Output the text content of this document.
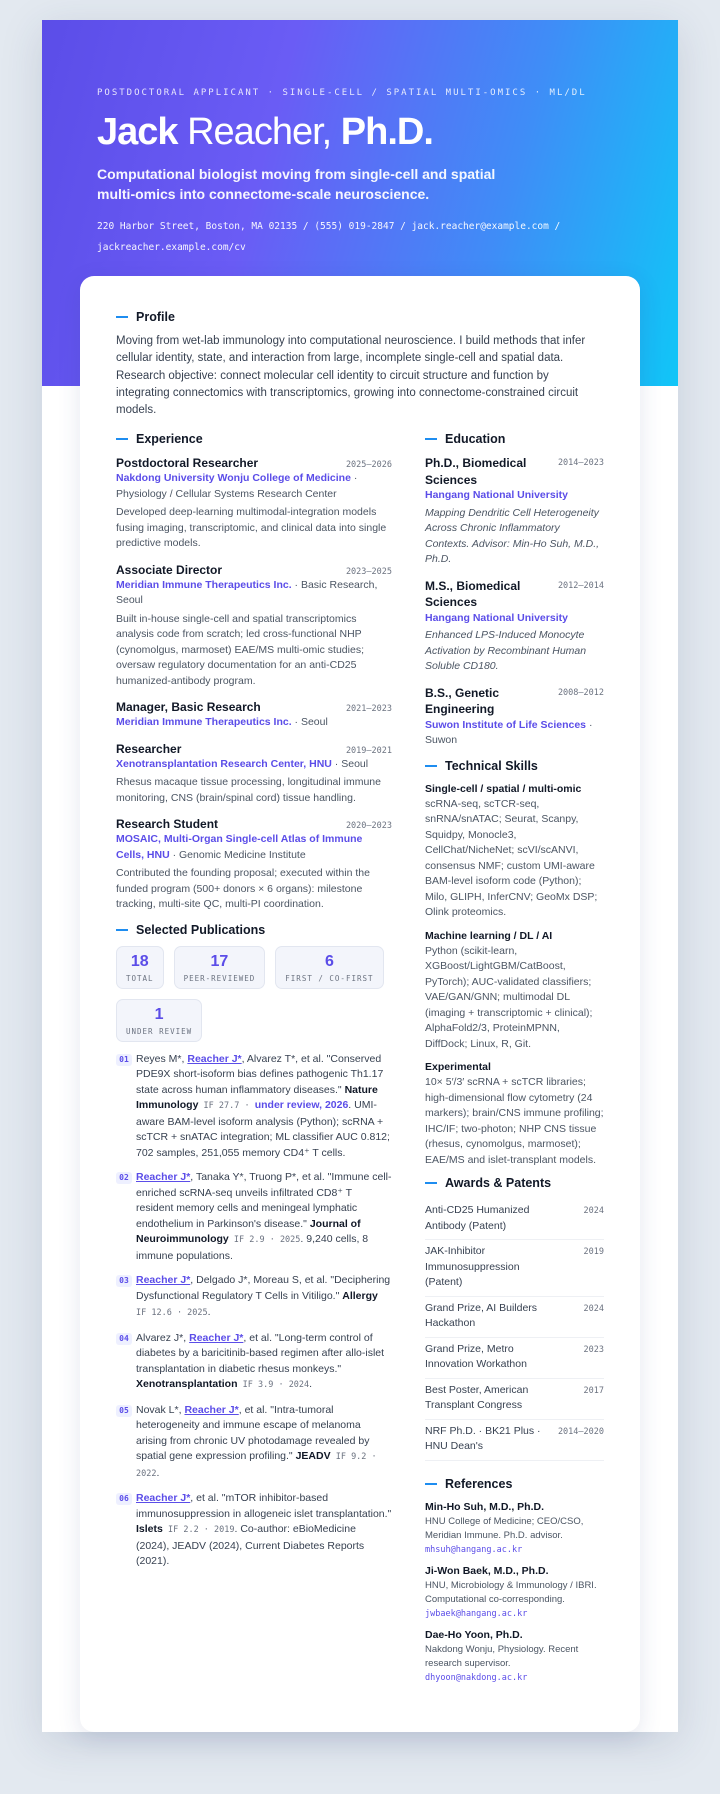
POSTDOCTORAL APPLICANT · SINGLE-CELL / SPATIAL MULTI-OMICS · ML/DL
Jack Reacher, Ph.D.
Computational biologist moving from single-cell and spatial multi-omics into connectome-scale neuroscience.
220 Harbor Street, Boston, MA 02135 / (555) 019-2847 / jack.reacher@example.com /
jackreacher.example.com/cv
Profile
Moving from wet-lab immunology into computational neuroscience. I build methods that infer cellular identity, state, and interaction from large, incomplete single-cell and spatial data. Research objective: connect molecular cell identity to circuit structure and function by integrating connectomics with transcriptomics, growing into connectome-constrained circuit models.
Experience
Postdoctoral Researcher	2025–2026
Nakdong University Wonju College of Medicine · Physiology / Cellular Systems Research Center
Developed deep-learning multimodal-integration models fusing imaging, transcriptomic, and clinical data into single predictive models.
Associate Director	2023–2025
Meridian Immune Therapeutics Inc. · Basic Research, Seoul
Built in-house single-cell and spatial transcriptomics analysis code from scratch; led cross-functional NHP (cynomolgus, marmoset) EAE/MS multi-omic studies; oversaw regulatory documentation for an anti-CD25 humanized-antibody program.
Manager, Basic Research	2021–2023
Meridian Immune Therapeutics Inc. · Seoul
Researcher	2019–2021
Xenotransplantation Research Center, HNU · Seoul
Rhesus macaque tissue processing, longitudinal immune monitoring, CNS (brain/spinal cord) tissue handling.
Research Student	2020–2023
MOSAIC, Multi-Organ Single-cell Atlas of Immune Cells, HNU · Genomic Medicine Institute
Contributed the founding proposal; executed within the funded program (500+ donors × 6 organs): milestone tracking, multi-site QC, multi-PI coordination.
Selected Publications
18
TOTAL
17
PEER-REVIEWED
6
FIRST / CO-FIRST
1
UNDER REVIEW
01 Reyes M*, Reacher J*, Alvarez T*, et al. "Conserved PDE9X short-isoform bias defines pathogenic Th1.17 state across human inflammatory diseases." Nature Immunology IF 27.7 · under review, 2026. UMI-aware BAM-level isoform analysis (Python); scRNA + scTCR + snATAC integration; ML classifier AUC 0.812; 702 samples, 251,055 memory CD4⁺ T cells.
02 Reacher J*, Tanaka Y*, Truong P*, et al. "Immune cell-enriched scRNA-seq unveils infiltrated CD8⁺ T resident memory cells and meningeal lymphatic endothelium in Parkinson's disease." Journal of Neuroimmunology IF 2.9 · 2025. 9,240 cells, 8 immune populations.
03 Reacher J*, Delgado J*, Moreau S, et al. "Deciphering Dysfunctional Regulatory T Cells in Vitiligo." Allergy IF 12.6 · 2025.
04 Alvarez J*, Reacher J*, et al. "Long-term control of diabetes by a baricitinib-based regimen after allo-islet transplantation in diabetic rhesus monkeys." Xenotransplantation IF 3.9 · 2024.
05 Novak L*, Reacher J*, et al. "Intra-tumoral heterogeneity and immune escape of melanoma arising from chronic UV photodamage revealed by spatial gene expression profiling." JEADV IF 9.2 · 2022.
06 Reacher J*, et al. "mTOR inhibitor-based immunosuppression in allogeneic islet transplantation." Islets IF 2.2 · 2019. Co-author: eBioMedicine (2024), JEADV (2024), Current Diabetes Reports (2021).
Education
Ph.D., Biomedical Sciences
2014–2023
Hangang National University
Mapping Dendritic Cell Heterogeneity Across Chronic Inflammatory Contexts. Advisor: Min-Ho Suh, M.D., Ph.D.
M.S., Biomedical Sciences
2012–2014
Hangang National University
Enhanced LPS-Induced Monocyte Activation by Recombinant Human Soluble CD180.
B.S., Genetic Engineering
2008–2012
Suwon Institute of Life Sciences · Suwon
Technical Skills
Single-cell / spatial / multi-omic
scRNA-seq, scTCR-seq, snRNA/snATAC; Seurat, Scanpy, Squidpy, Monocle3, CellChat/NicheNet; scVI/scANVI, consensus NMF; custom UMI-aware BAM-level isoform code (Python); Milo, GLIPH, InferCNV; GeoMx DSP; Olink proteomics.
Machine learning / DL / AI
Python (scikit-learn, XGBoost/LightGBM/CatBoost, PyTorch); AUC-validated classifiers; VAE/GAN/GNN; multimodal DL (imaging + transcriptomic + clinical); AlphaFold2/3, ProteinMPNN, DiffDock; Linux, R, Git.
Experimental
10× 5′/3′ scRNA + scTCR libraries; high-dimensional flow cytometry (24 markers); brain/CNS immune profiling; IHC/IF; two-photon; NHP CNS tissue (rhesus, cynomolgus, marmoset); EAE/MS and islet-transplant models.
Awards & Patents
Anti-CD25 Humanized Antibody (Patent)
2024
JAK-Inhibitor Immunosuppression (Patent)
2019
Grand Prize, AI Builders Hackathon
2024
Grand Prize, Metro Innovation Workathon
2023
Best Poster, American Transplant Congress
2017
NRF Ph.D. · BK21 Plus · HNU Dean's
2014–2020
References
Min-Ho Suh, M.D., Ph.D.
HNU College of Medicine; CEO/CSO, Meridian Immune. Ph.D. advisor.
mhsuh@hangang.ac.kr
Ji-Won Baek, M.D., Ph.D.
HNU, Microbiology & Immunology / IBRI. Computational co-corresponding.
jwbaek@hangang.ac.kr
Dae-Ho Yoon, Ph.D.
Nakdong Wonju, Physiology. Recent research supervisor.
dhyoon@nakdong.ac.kr
